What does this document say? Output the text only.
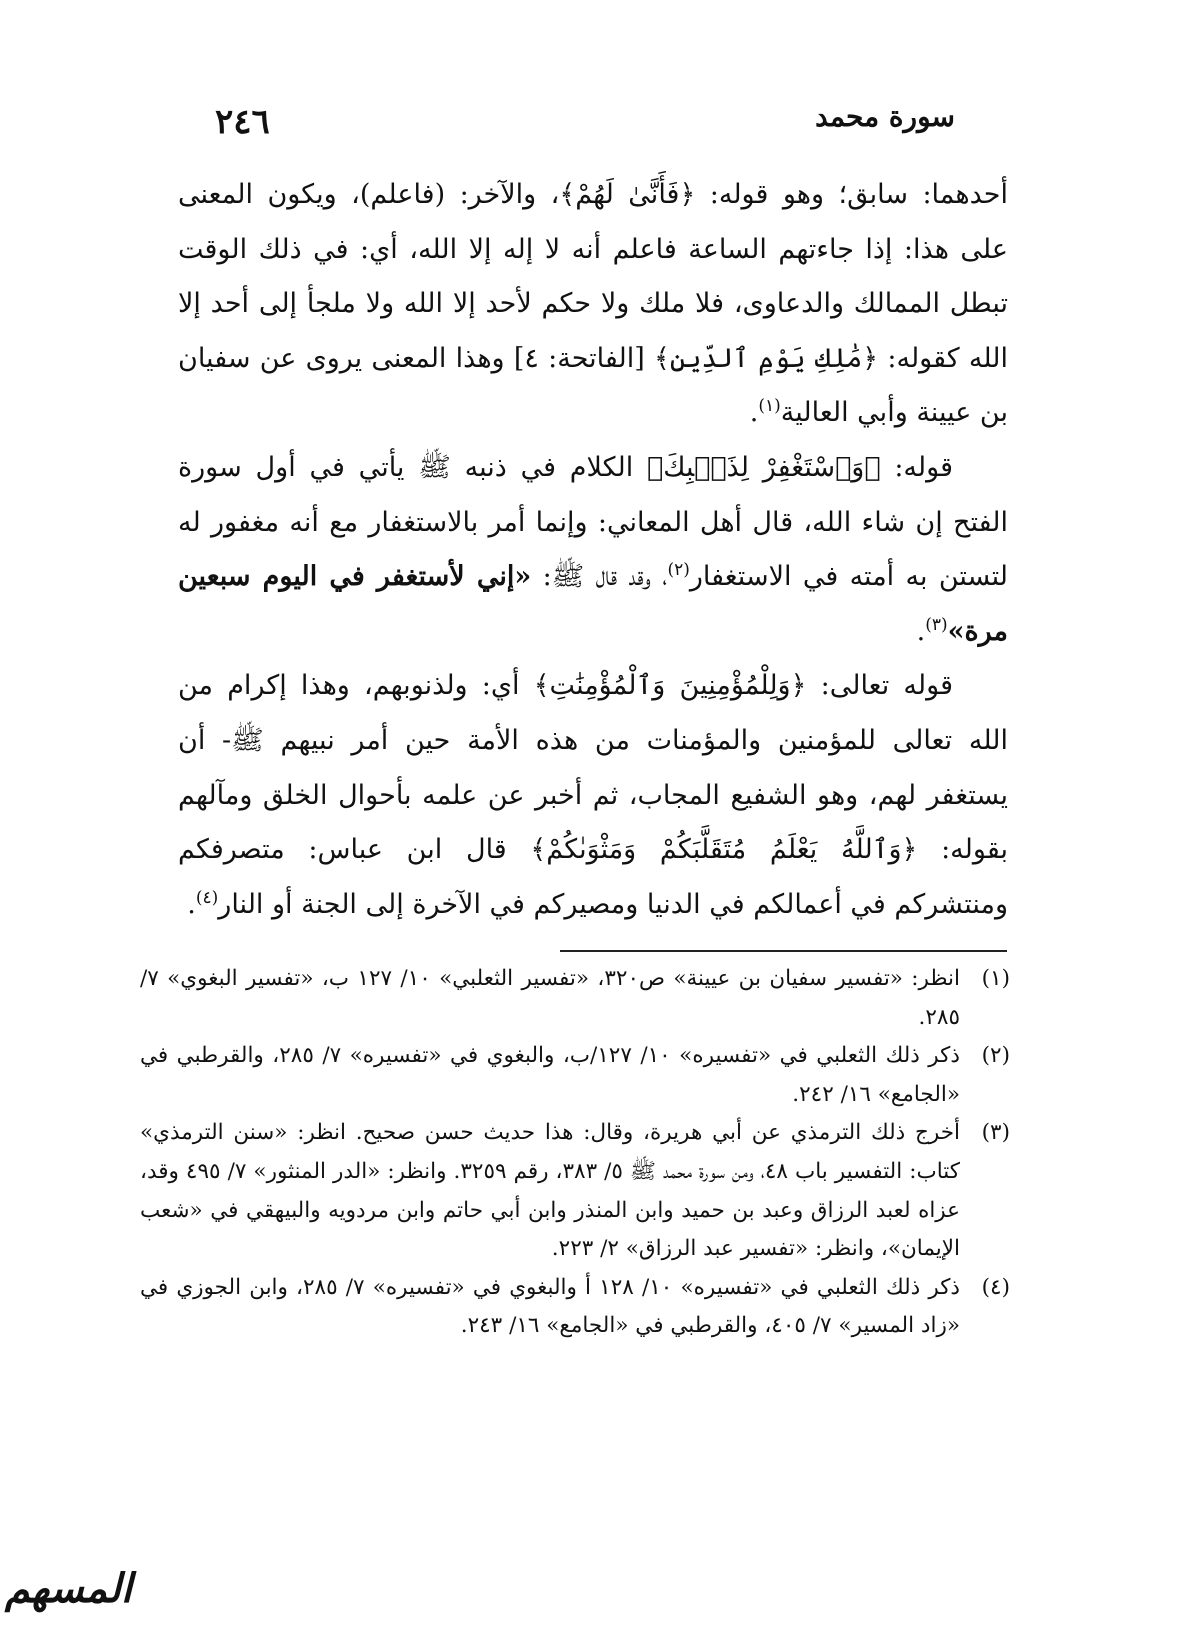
٢٤٦	سورة محمد

أحدهما: سابق؛ وهو قوله: ﴿فَأَنَّىٰ لَهُمْ﴾، والآخر: (فاعلم)، ويكون المعنى على هذا: إذا جاءتهم الساعة فاعلم أنه لا إله إلا الله، أي: في ذلك الوقت تبطل الممالك والدعاوى، فلا ملك ولا حكم لأحد إلا الله ولا ملجأ إلى أحد إلا الله كقوله: ﴿مَٰلِكِ يَوْمِ ٱلدِّينِ﴾ [الفاتحة: ٤] وهذا المعنى يروى عن سفيان بن عيينة وأبي العالية$^{(١)}$.

قوله: ﴿وَٱسْتَغْفِرْ لِذَنۢبِكَ﴾ الكلام في ذنبه ﷺ يأتي في أول سورة الفتح إن شاء الله، قال أهل المعاني: وإنما أمر بالاستغفار مع أنه مغفور له لتستن به أمته في الاستغفار$^{(٢)}$، وقد قال ﷺ: «إني لأستغفر في اليوم سبعين مرة»$^{(٣)}$.

قوله تعالى: ﴿وَلِلْمُؤْمِنِينَ وَٱلْمُؤْمِنَٰتِ﴾ أي: ولذنوبهم، وهذا إكرام من الله تعالى للمؤمنين والمؤمنات من هذه الأمة حين أمر نبيهم ﷺ- أن يستغفر لهم، وهو الشفيع المجاب، ثم أخبر عن علمه بأحوال الخلق ومآلهم بقوله: ﴿وَٱللَّهُ يَعْلَمُ مُتَقَلَّبَكُمْ وَمَثْوَىٰكُمْ﴾ قال ابن عباس: متصرفكم ومنتشركم في أعمالكم في الدنيا ومصيركم في الآخرة إلى الجنة أو النار$^{(٤)}$.

(١)
انظر: «تفسير سفيان بن عيينة» ص٣٢٠، «تفسير الثعلبي» ١٠/ ١٢٧ ب، «تفسير البغوي» ٧/ ٢٨٥.
(٢)
ذكر ذلك الثعلبي في «تفسيره» ١٠/ ١٢٧/ب، والبغوي في «تفسيره» ٧/ ٢٨٥، والقرطبي في «الجامع» ١٦/ ٢٤٢.
(٣)
أخرج ذلك الترمذي عن أبي هريرة، وقال: هذا حديث حسن صحيح. انظر: «سنن الترمذي» كتاب: التفسير باب ٤٨، ومن سورة محمد ﷺ ٥/ ٣٨٣، رقم ٣٢٥٩. وانظر: «الدر المنثور» ٧/ ٤٩٥ وقد، عزاه لعبد الرزاق وعبد بن حميد وابن المنذر وابن أبي حاتم وابن مردويه والبيهقي في «شعب الإيمان»، وانظر: «تفسير عبد الرزاق» ٢/ ٢٢٣.
(٤)
ذكر ذلك الثعلبي في «تفسيره» ١٠/ ١٢٨ أ والبغوي في «تفسيره» ٧/ ٢٨٥، وابن الجوزي في «زاد المسير» ٧/ ٤٠٥، والقرطبي في «الجامع» ١٦/ ٢٤٣.
المسهم
